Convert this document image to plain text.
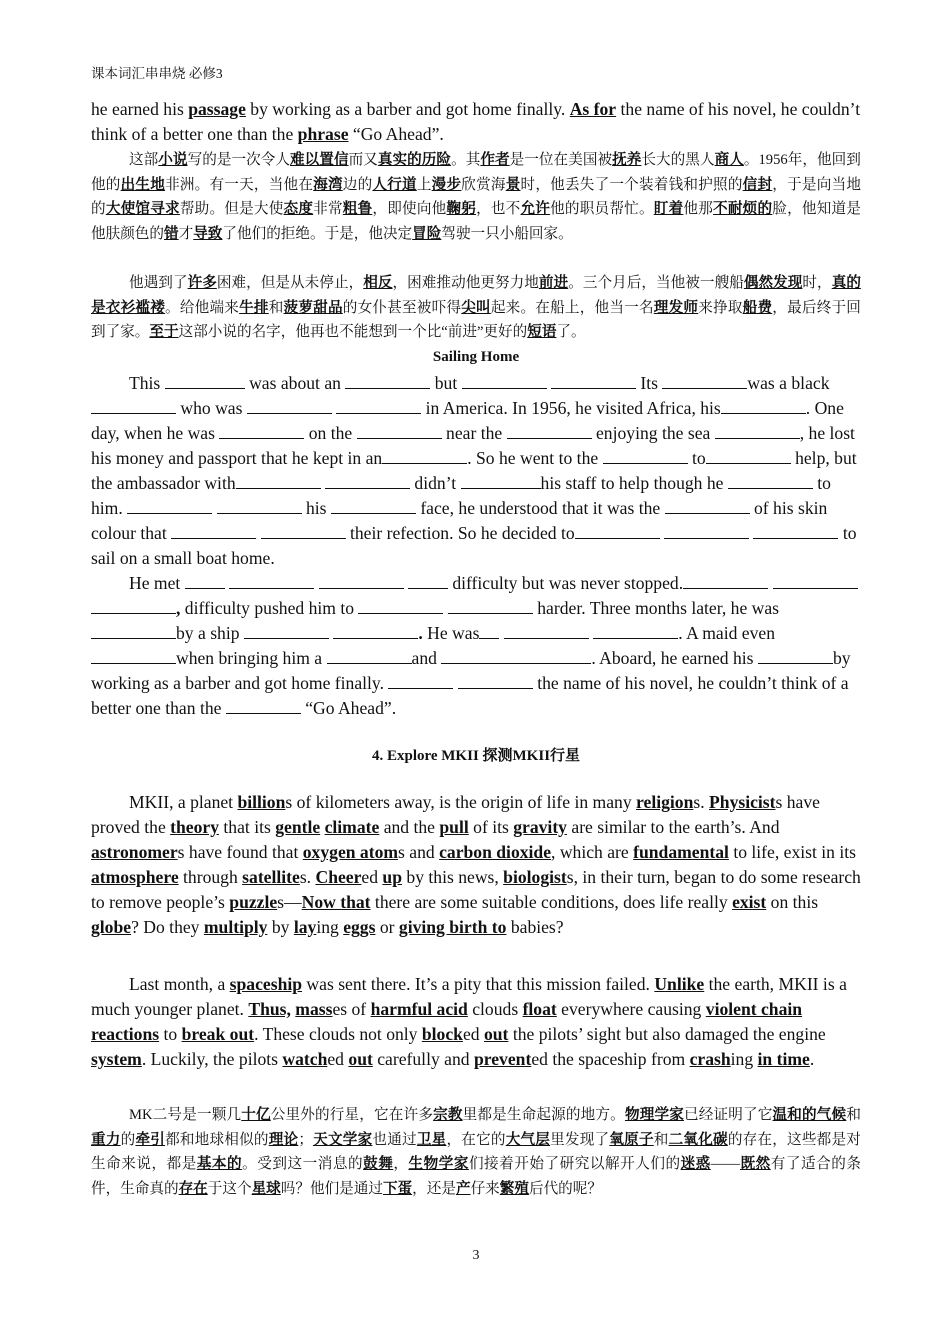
课本词汇串串烧 必修3

he earned his passage by working as a barber and got home finally. As for the name of his novel, he couldn’t think of a better one than the phrase “Go Ahead”.

这部小说写的是一次令人难以置信而又真实的历险。其作者是一位在美国被抚养长大的黑人商人。1956年，他回到他的出生地非洲。有一天，当他在海湾边的人行道上漫步欣赏海景时，他丢失了一个装着钱和护照的信封，于是向当地的大使馆寻求帮助。但是大使态度非常粗鲁，即使向他鞠躬，也不允许他的职员帮忙。盯着他那不耐烦的脸，他知道是他肤颜色的错才导致了他们的拒绝。于是，他决定冒险驾驶一只小船回家。

他遇到了许多困难，但是从未停止，相反，困难推动他更努力地前进。三个月后，当他被一艘船偶然发现时，真的是衣衫褴褛。给他端来牛排和菠萝甜品的女仆甚至被吓得尖叫起来。在船上，他当一名理发师来挣取船费，最后终于回到了家。至于这部小说的名字，他再也不能想到一个比“前进”更好的短语了。

Sailing Home

This	was about an	but	Its	was a black  who was	in America. In 1956, he visited Africa, his	. One day, when he was	on the	near the	enjoying the sea	, he lost his money and passport that he kept in an	. So he went to the	to	help, but the ambassador with	didn’t	his staff to help though he	to him.	his	face, he understood that it was the	of his skin colour that	their refection. So he decided to	to sail on a small boat home.

He met	difficulty but was never stopped.  , difficulty pushed him to	harder. Three months later, he was by a ship	. He was	. A maid even when bringing him a	and	. Aboard, he earned his	by working as a barber and got home finally.	the name of his novel, he couldn’t think of a better one than the	“Go Ahead”.

4. Explore MKII 探测MKII行星

MKII, a planet billions of kilometers away, is the origin of life in many religions. Physicists have proved the theory that its gentle climate and the pull of its gravity are similar to the earth’s. And astronomers have found that oxygen atoms and carbon dioxide, which are fundamental to life, exist in its atmosphere through satellites. Cheered up by this news, biologists, in their turn, began to do some research to remove people’s puzzles—Now that there are some suitable conditions, does life really exist on this globe? Do they multiply by laying eggs or giving birth to babies?

Last month, a spaceship was sent there. It’s a pity that this mission failed. Unlike the earth, MKII is a much younger planet. Thus, masses of harmful acid clouds float everywhere causing violent chain reactions to break out. These clouds not only blocked out the pilots’ sight but also damaged the engine system. Luckily, the pilots watched out carefully and prevented the spaceship from crashing in time.

MK二号是一颗几十亿公里外的行星，它在许多宗教里都是生命起源的地方。物理学家已经证明了它温和的气候和重力的牵引都和地球相似的理论；天文学家也通过卫星，在它的大气层里发现了氧原子和二氧化碳的存在，这些都是对生命来说，都是基本的。受到这一消息的鼓舞，生物学家们接着开始了研究以解开人们的迷惑——既然有了适合的条件，生命真的存在于这个星球吗？他们是通过下蛋，还是产仔来繁殖后代的呢？

3
